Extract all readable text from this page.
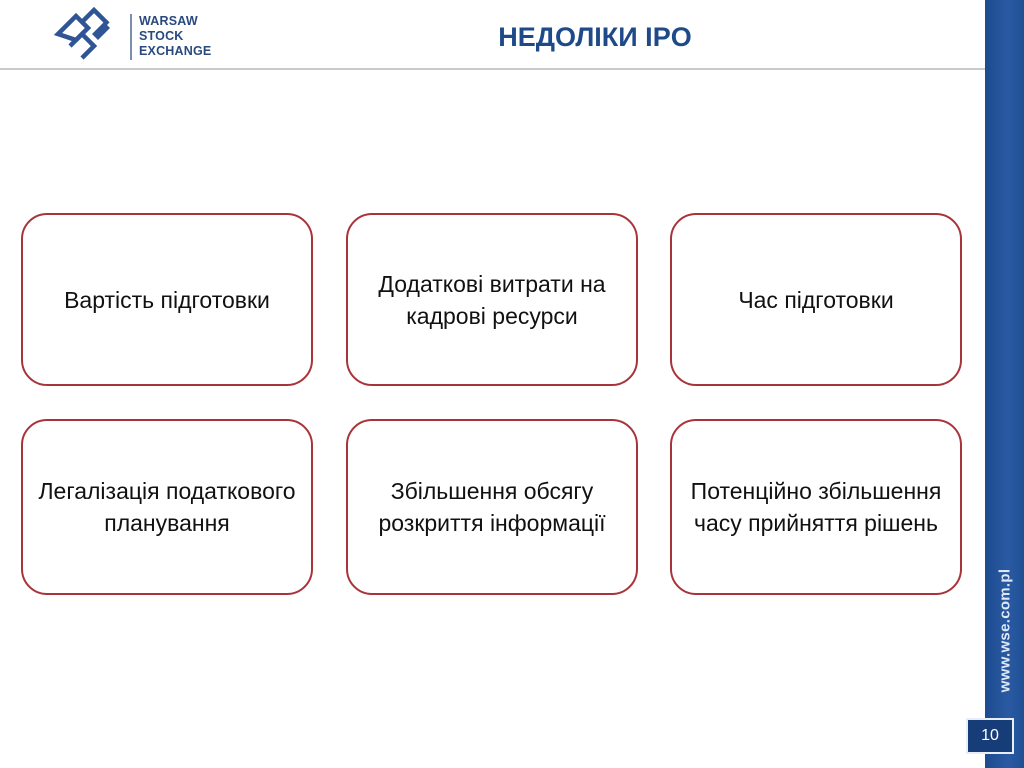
WARSAW
STOCK
EXCHANGE	НЕДОЛІКИ IPO
Вартість підготовки
Додаткові витрати на кадрові ресурси
Час підготовки
Легалізація податкового планування
Збільшення обсягу розкриття інформації
Потенційно збільшення часу прийняття рішень
www.wse.com.pl
10
